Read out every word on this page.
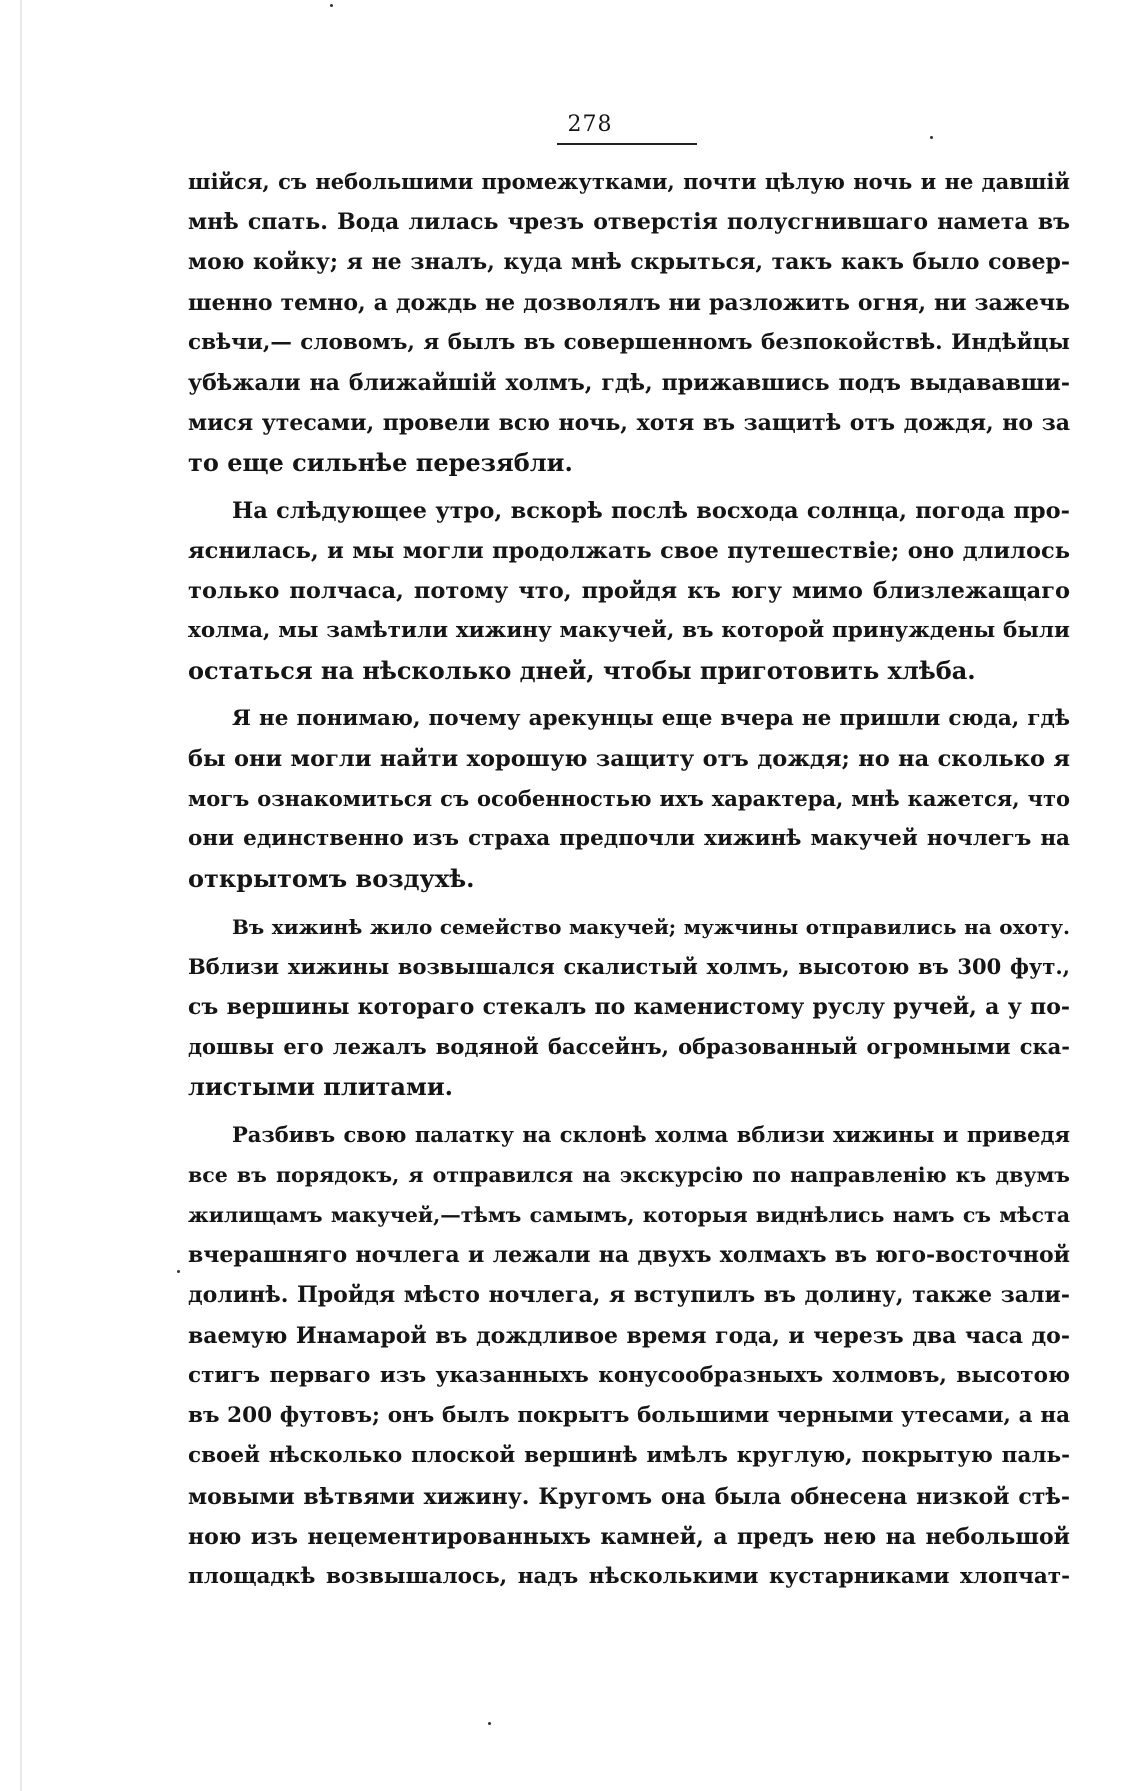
278
шійся, съ небольшими промежутками, почти цѣлую ночь и не давшій
мнѣ спать. Вода лилась чрезъ отверстія полусгнившаго намета въ
мою койку; я не зналъ, куда мнѣ скрыться, такъ какъ было совер-
шенно темно, а дождь не дозволялъ ни разложить огня, ни зажечь
свѣчи,— словомъ, я былъ въ совершенномъ безпокойствѣ. Индѣйцы
убѣжали на ближайшій холмъ, гдѣ, прижавшись подъ выдававши-
мися утесами, провели всю ночь, хотя въ защитѣ отъ дождя, но за
то еще сильнѣе перезябли.
На слѣдующее утро, вскорѣ послѣ восхода солнца, погода про-
яснилась, и мы могли продолжать свое путешествіе; оно длилось
только полчаса, потому что, пройдя къ югу мимо близлежащаго
холма, мы замѣтили хижину макучей, въ которой принуждены были
остаться на нѣсколько дней, чтобы приготовить хлѣба.
Я не понимаю, почему арекунцы еще вчера не пришли сюда, гдѣ
бы они могли найти хорошую защиту отъ дождя; но на сколько я
могъ ознакомиться съ особенностью ихъ характера, мнѣ кажется, что
они единственно изъ страха предпочли хижинѣ макучей ночлегъ на
открытомъ воздухѣ.
Въ хижинѣ жило семейство макучей; мужчины отправились на охоту.
Вблизи хижины возвышался скалистый холмъ, высотою въ 300 фут.,
съ вершины котораго стекалъ по каменистому руслу ручей, а у по-
дошвы его лежалъ водяной бассейнъ, образованный огромными ска-
листыми плитами.
Разбивъ свою палатку на склонѣ холма вблизи хижины и приведя
все въ порядокъ, я отправился на экскурсію по направленію къ двумъ
жилищамъ макучей,—тѣмъ самымъ, которыя виднѣлись намъ съ мѣста
вчерашняго ночлега и лежали на двухъ холмахъ въ юго-восточной
долинѣ. Пройдя мѣсто ночлега, я вступилъ въ долину, также зали-
ваемую Инамарой въ дождливое время года, и черезъ два часа до-
стигъ перваго изъ указанныхъ конусообразныхъ холмовъ, высотою
въ 200 футовъ; онъ былъ покрытъ большими черными утесами, а на
своей нѣсколько плоской вершинѣ имѣлъ круглую, покрытую паль-
мовыми вѣтвями хижину. Кругомъ она была обнесена низкой стѣ-
ною изъ нецементированныхъ камней, а предъ нею на небольшой
площадкѣ возвышалось, надъ нѣсколькими кустарниками хлопчат-
